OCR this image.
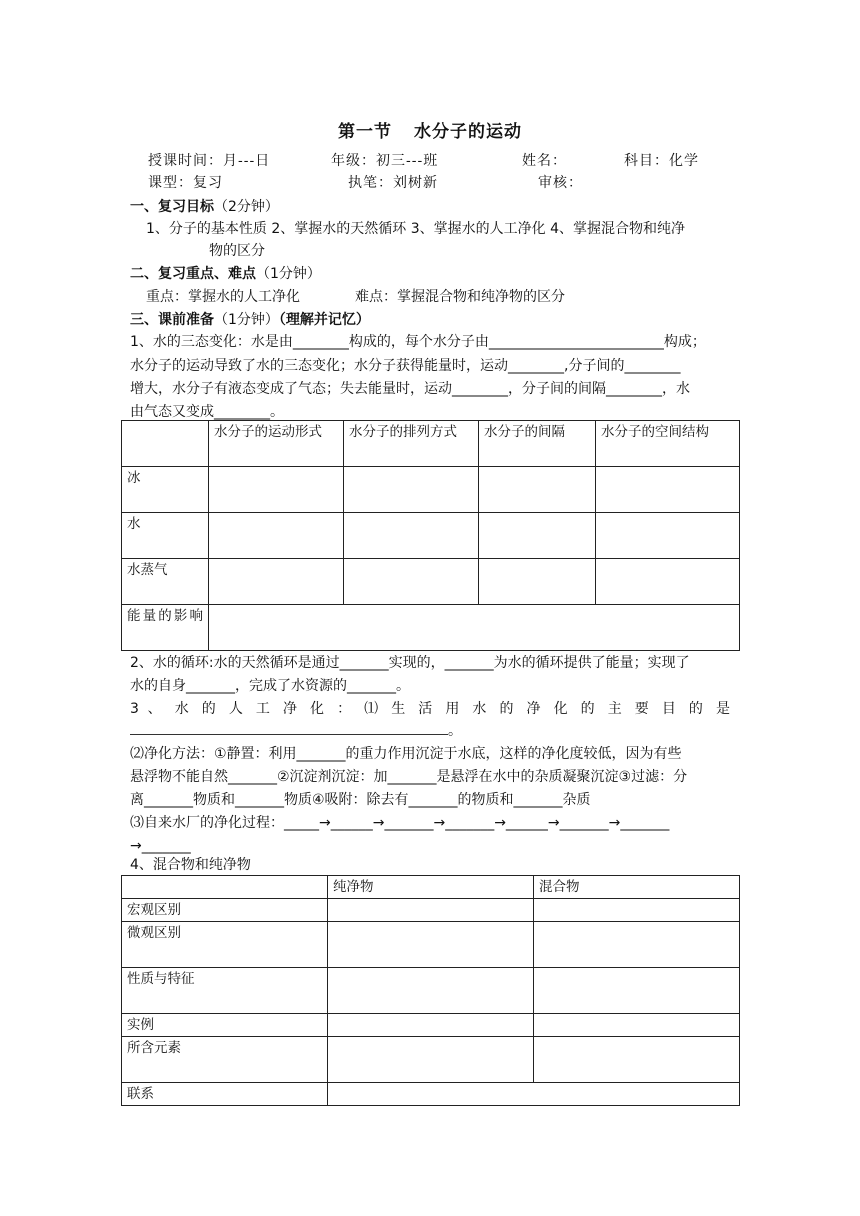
第一节 水分子的运动
授课时间：月---日	年级：初三---班	姓名：	科目：化学
课型：复习	执笔：刘树新	审核：
一、复习目标（2分钟）
1、分子的基本性质 2、掌握水的天然循环 3、掌握水的人工净化 4、掌握混合物和纯净
物的区分
二、复习重点、难点（1分钟）
重点：掌握水的人工净化	难点：掌握混合物和纯净物的区分
三、课前准备（1分钟）（理解并记忆）
1、水的三态变化：水是由________构成的，每个水分子由_________________________构成；
水分子的运动导致了水的三态变化；水分子获得能量时，运动________,分子间的________
增大，水分子有液态变成了气态；失去能量时，运动________，分子间的间隔________，水
由气态又变成________。
	水分子的运动形式	水分子的排列方式	水分子的间隔	水分子的空间结构
冰				
水				
水蒸气				
能量的影响				
2、水的循环:水的天然循环是通过_______实现的，_______为水的循环提供了能量；实现了
水的自身_______，完成了水资源的_______。
3 、 水 的 人 工 净 化 ： ⑴ 生 活 用 水 的 净 化 的 主 要 目 的 是
。
⑵净化方法：①静置：利用_______的重力作用沉淀于水底，这样的净化度较低，因为有些
悬浮物不能自然_______②沉淀剂沉淀：加_______是悬浮在水中的杂质凝聚沉淀③过滤：分
离_______物质和_______物质④吸附：除去有_______的物质和_______杂质
⑶自来水厂的净化过程：_____→______→_______→_______→______→_______→_______
→_______
4、混合物和纯净物
	纯净物	混合物
宏观区别		
微观区别		
性质与特征		
实例		
所含元素		
联系		
